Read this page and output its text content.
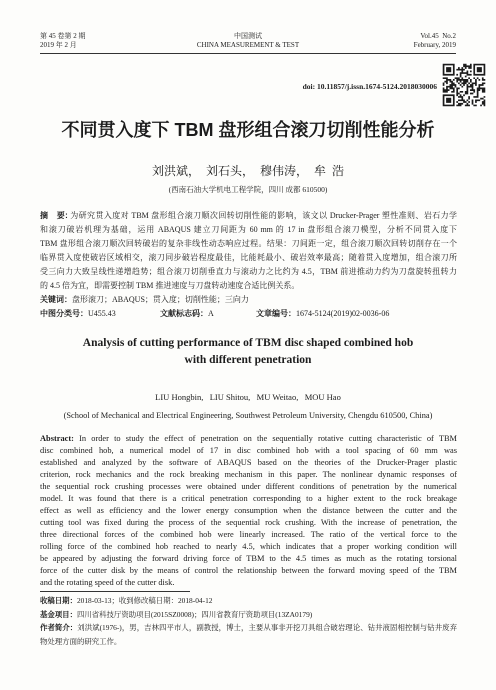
第 45 卷第 2 期
2019 年 2 月
中国测试
CHINA MEASUREMENT & TEST
Vol.45  No.2
February, 2019
doi: 10.11857/j.issn.1674-5124.2018030006
不同贯入度下 TBM 盘形组合滚刀切削性能分析
刘洪斌，  刘石头，  穆伟涛，  牟  浩
(西南石油大学机电工程学院，四川 成都 610500)
摘　要: 为研究贯入度对 TBM 盘形组合滚刀顺次回转切削性能的影响，该文以 Drucker-Prager 塑性准则、岩石力学
和滚刀破岩机理为基础，运用 ABAQUS 建立刀间距为 60 mm 的 17 in 盘形组合滚刀模型，分析不同贯入度下
TBM 盘形组合滚刀顺次回转破岩的复杂非线性动态响应过程。结果：刀间距一定，组合滚刀顺次回转切削存在一个
临界贯入度使破岩区域相交，滚刀同步破岩程度最佳，比能耗最小、破岩效率最高；随着贯入度增加，组合滚刀所
受三向力大致呈线性递增趋势；组合滚刀切削垂直力与滚动力之比约为 4.5，TBM 前进推动力约为刀盘旋转扭转力
的 4.5 倍为宜，即需要控制 TBM 推进速度与刀盘转动速度合适比例关系。
关键词：盘形滚刀；ABAQUS；贯入度；切削性能；三向力
中图分类号：U455.43	文献标志码：A	文章编号：1674-5124(2019)02-0036-06
Analysis of cutting performance of TBM disc shaped combined hob
with different penetration
LIU Hongbin,   LIU Shitou,   MU Weitao,   MOU Hao
(School of Mechanical and Electrical Engineering, Southwest Petroleum University, Chengdu 610500, China)
Abstract: In order to study the effect of penetration on the sequentially rotative cutting characteristic of TBM
disc combined hob, a numerical model of 17 in disc combined hob with a tool spacing of 60 mm was
established and analyzed by the software of ABAQUS based on the theories of the Drucker-Prager plastic
criterion, rock mechanics and the rock breaking mechanism in this paper. The nonlinear dynamic responses of
the sequential rock crushing processes were obtained under different conditions of penetration by the numerical
model. It was found that there is a critical penetration corresponding to a higher extent to the rock breakage
effect as well as efficiency and the lower energy consumption when the distance between the cutter and the
cutting tool was fixed during the process of the sequential rock crushing. With the increase of penetration, the
three directional forces of the combined hob were linearly increased. The ratio of the vertical force to the
rolling force of the combined hob reached to nearly 4.5, which indicates that a proper working condition will
be appeared by adjusting the forward driving force of TBM to the 4.5 times as much as the rotating torsional
force of the cutter disk by the means of control the relationship between the forward moving speed of the TBM
and the rotating speed of the cutter disk.
收稿日期：2018-03-13；收到修改稿日期：2018-04-12
基金项目：四川省科技厅资助项目(2015SZ0008)；四川省教育厅资助项目(13ZA0179)
作者简介：刘洪斌(1976-)，男，吉林四平市人，副教授，博士，主要从事非开挖刀具组合破岩理论、钻井液固相控制与钻井废弃
物处理方面的研究工作。
